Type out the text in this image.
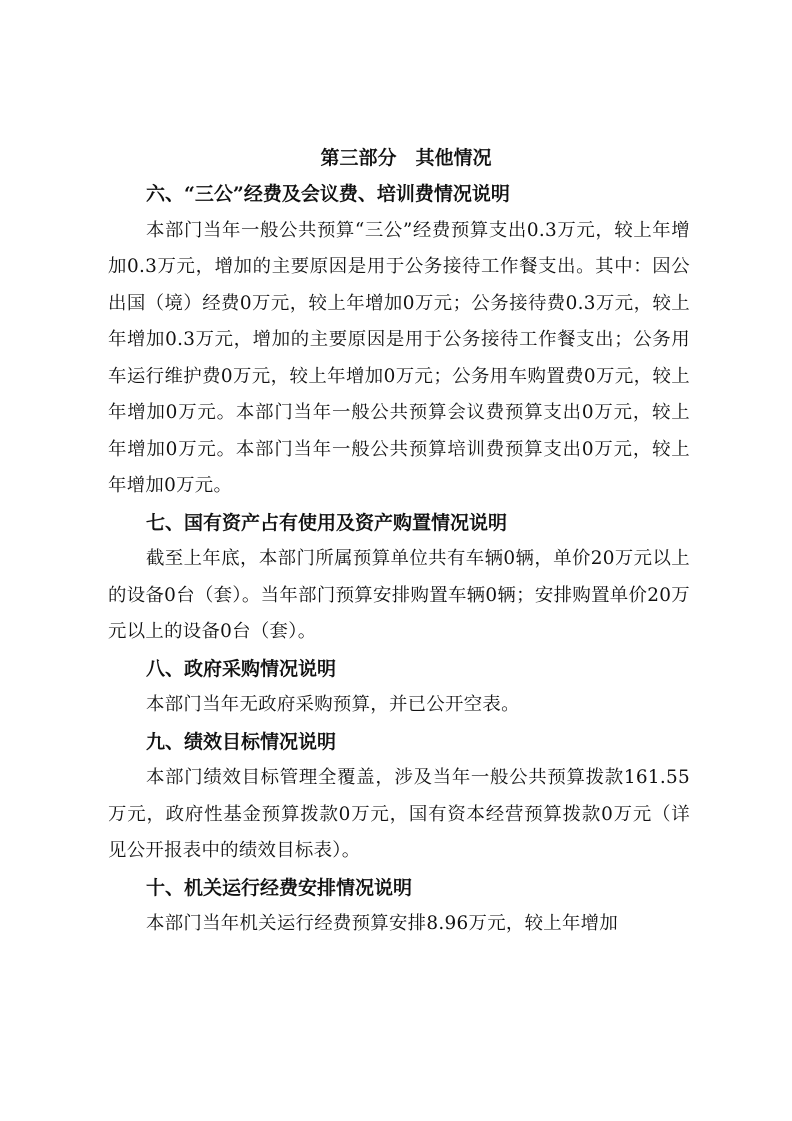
第三部分　其他情况
六、“三公”经费及会议费、培训费情况说明

本部门当年一般公共预算“三公”经费预算支出0.3万元，较上年增加0.3万元，增加的主要原因是用于公务接待工作餐支出。其中：因公出国（境）经费0万元，较上年增加0万元；公务接待费0.3万元，较上年增加0.3万元，增加的主要原因是用于公务接待工作餐支出；公务用车运行维护费0万元，较上年增加0万元；公务用车购置费0万元，较上年增加0万元。本部门当年一般公共预算会议费预算支出0万元，较上年增加0万元。本部门当年一般公共预算培训费预算支出0万元，较上年增加0万元。

七、国有资产占有使用及资产购置情况说明

截至上年底，本部门所属预算单位共有车辆0辆，单价20万元以上的设备0台（套）。当年部门预算安排购置车辆0辆；安排购置单价20万元以上的设备0台（套）。

八、政府采购情况说明

本部门当年无政府采购预算，并已公开空表。

九、绩效目标情况说明

本部门绩效目标管理全覆盖，涉及当年一般公共预算拨款161.55万元，政府性基金预算拨款0万元，国有资本经营预算拨款0万元（详见公开报表中的绩效目标表）。

十、机关运行经费安排情况说明

本部门当年机关运行经费预算安排8.96万元，较上年增加
